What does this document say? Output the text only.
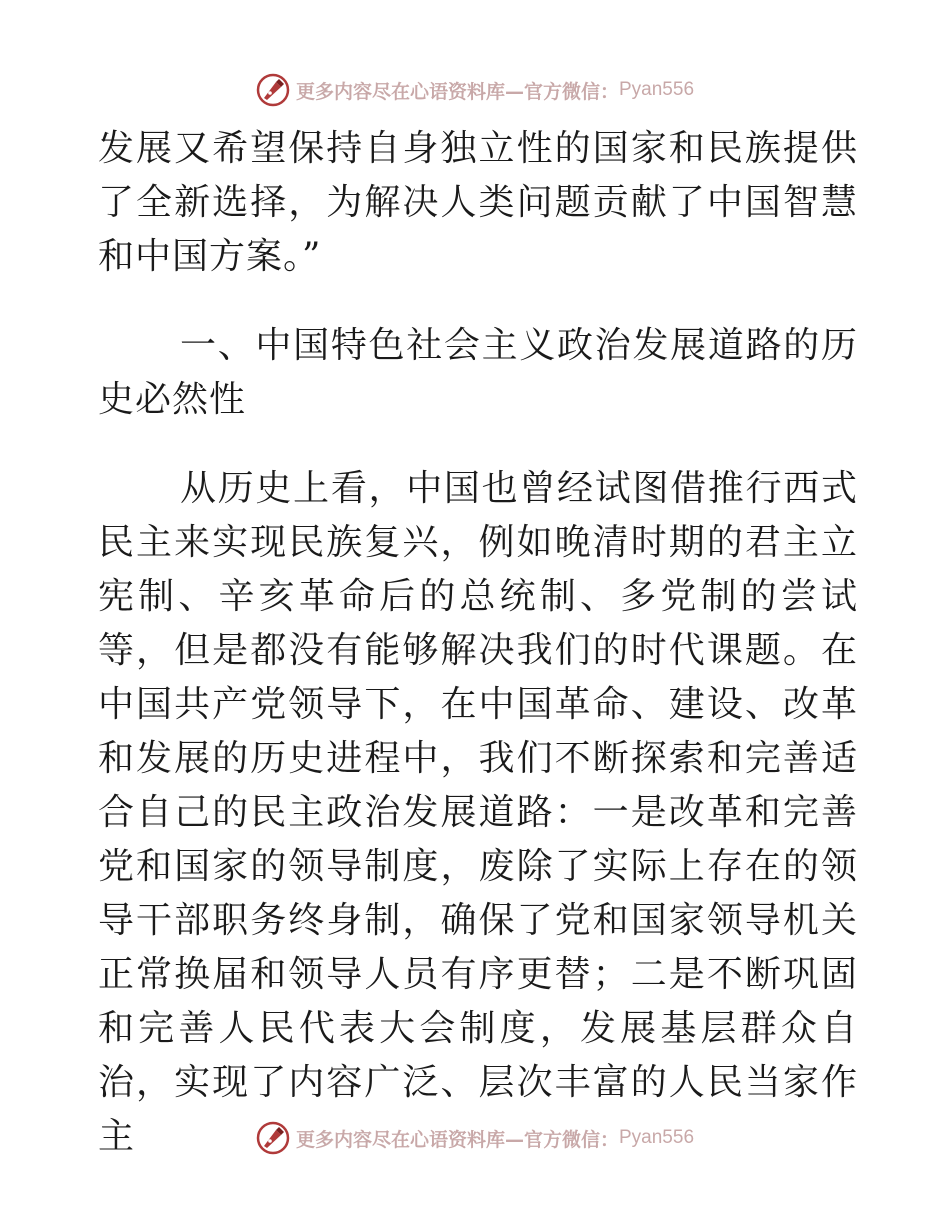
更多内容尽在心语资料库—官方微信： Pyan556

发展又希望保持自身独立性的国家和民族提供了全新选择，为解决人类问题贡献了中国智慧和中国方案。”

一、中国特色社会主义政治发展道路的历史必然性

从历史上看，中国也曾经试图借推行西式民主来实现民族复兴，例如晚清时期的君主立宪制、辛亥革命后的总统制、多党制的尝试等，但是都没有能够解决我们的时代课题。在中国共产党领导下，在中国革命、建设、改革和发展的历史进程中，我们不断探索和完善适合自己的民主政治发展道路：一是改革和完善党和国家的领导制度，废除了实际上存在的领导干部职务终身制，确保了党和国家领导机关正常换届和领导人员有序更替；二是不断巩固和完善人民代表大会制度，发展基层群众自治，实现了内容广泛、层次丰富的人民当家作主	更多内容尽在心语资料库—官方微信： Pyan556
